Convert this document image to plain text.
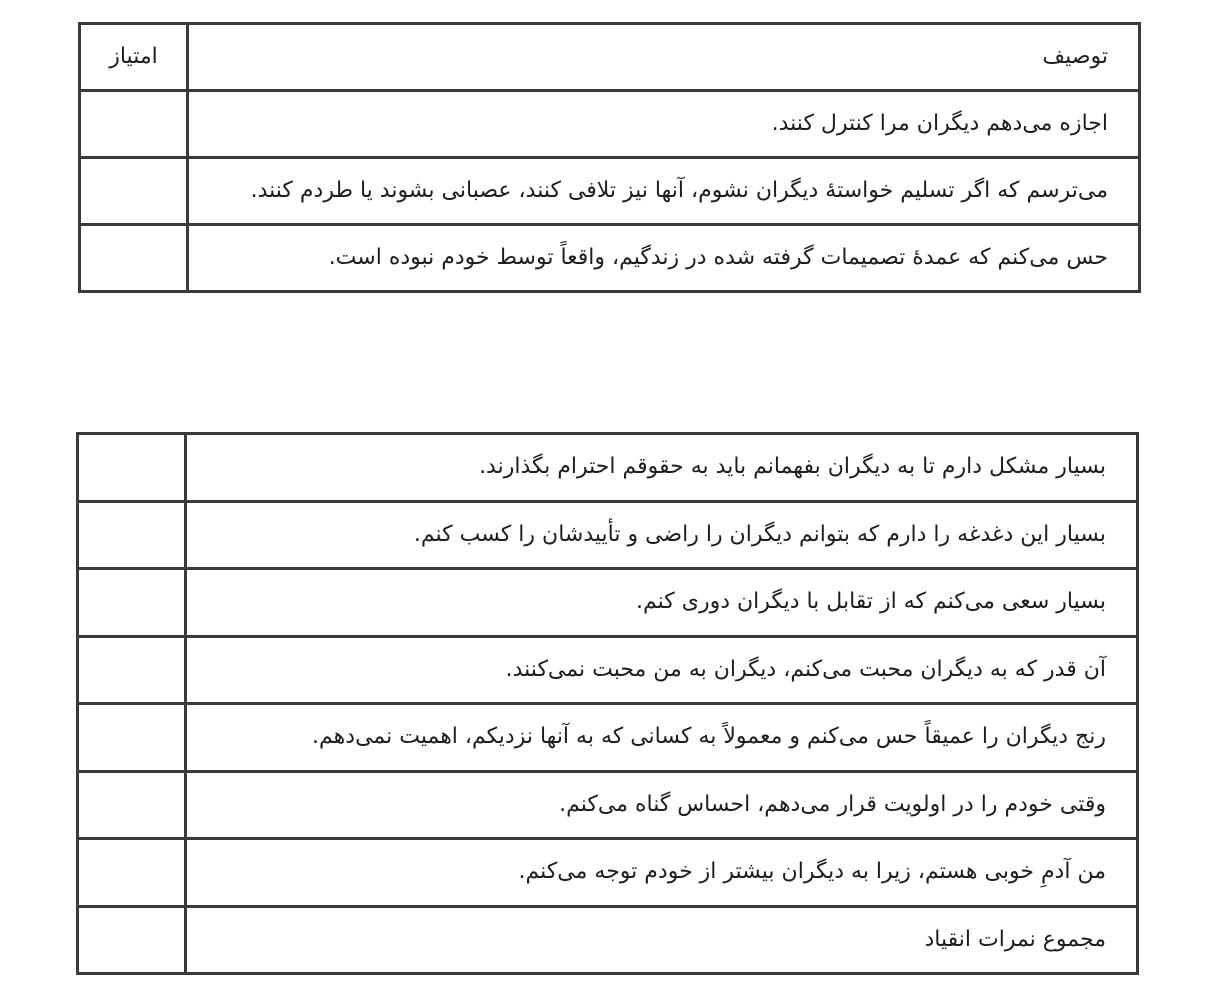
توصیف	امتیاز
اجازه می‌دهم دیگران مرا کنترل کنند.	
می‌ترسم که اگر تسلیم خواستهٔ دیگران نشوم، آنها نیز تلافی کنند، عصبانی بشوند یا طردم کنند.	
حس می‌کنم که عمدهٔ تصمیمات گرفته شده در زندگیم، واقعاً توسط خودم نبوده است.	
بسیار مشکل دارم تا به دیگران بفهمانم باید به حقوقم احترام بگذارند.	
بسیار این دغدغه را دارم که بتوانم دیگران را راضی و تأییدشان را کسب کنم.	
بسیار سعی می‌کنم که از تقابل با دیگران دوری کنم.	
آن قدر که به دیگران محبت می‌کنم، دیگران به من محبت نمی‌کنند.	
رنج دیگران را عمیقاً حس می‌کنم و معمولاً به کسانی که به آنها نزدیکم، اهمیت نمی‌دهم.	
وقتی خودم را در اولویت قرار می‌دهم، احساس گناه می‌کنم.	
من آدمِ خوبی هستم، زیرا به دیگران بیشتر از خودم توجه می‌کنم.	
مجموع نمرات انقیاد	
